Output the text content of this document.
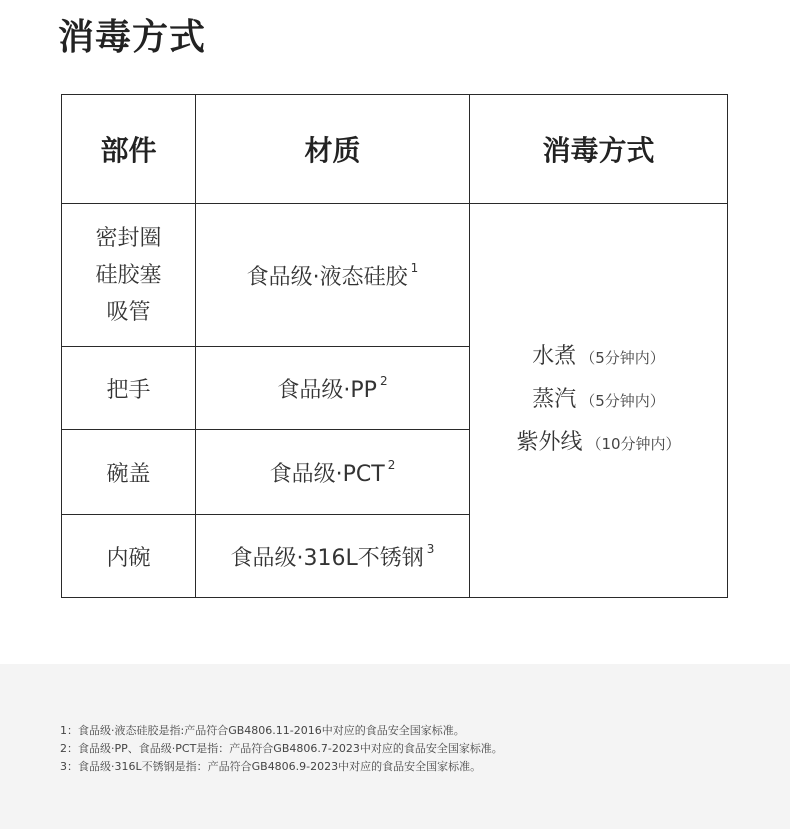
消毒方式
部件	材质	消毒方式

密封圈
硅胶塞
吸管	食品级·液态硅胶 $^1$	水煮 （5分钟内）
蒸汽 （5分钟内）
紫外线 （10分钟内）

把手	食品级·PP $^2$
碗盖	食品级·PCT $^2$
内碗	食品级·316L不锈钢 $^3$
1：食品级·液态硅胶是指:产品符合GB4806.11-2016中对应的食品安全国家标准。
2：食品级·PP、食品级·PCT是指：产品符合GB4806.7-2023中对应的食品安全国家标准。
3：食品级·316L不锈钢是指：产品符合GB4806.9-2023中对应的食品安全国家标准。
